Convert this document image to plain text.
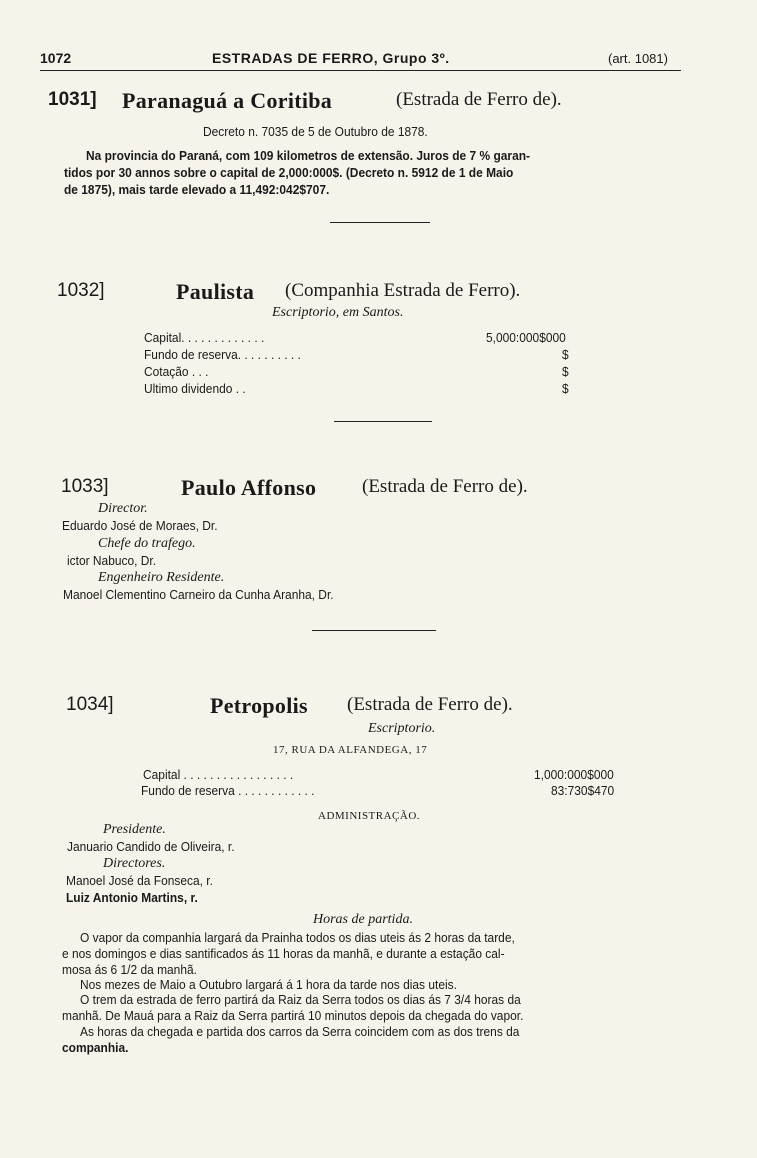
1072	ESTRADAS DE FERRO, Grupo 3º.	(art. 1081)
1031] Paranaguá a Coritiba	(Estrada de Ferro de).
Decreto n. 7035 de 5 de Outubro de 1878.
Na provincia do Paraná, com 109 kilometros de extensão. Juros de 7 % garan-
tidos por 30 annos sobre o capital de 2,000:000$. (Decreto n. 5912 de 1 de Maio
de 1875), mais tarde elevado a 11,492:042$707.
1032]	Paulista (Companhia Estrada de Ferro).
Escriptorio, em Santos.
Capital. . . . . . . . . . . . .	5,000:000$000
Fundo de reserva. . . . . . . . . .	$
Cotação . . .	$
Ultimo dividendo . .	$
1033]	Paulo Affonso (Estrada de Ferro de).
Director.
Eduardo José de Moraes, Dr.
Chefe do trafego.
ictor Nabuco, Dr.
Engenheiro Residente.
Manoel Clementino Carneiro da Cunha Aranha, Dr.
1034]	Petropolis (Estrada de Ferro de).
Escriptorio.
17, RUA DA ALFANDEGA, 17
Capital . . . . . . . . . . . . . . . . .	1,000:000$000
Fundo de reserva . . . . . . . . . . . .	83:730$470
ADMINISTRAÇÃO.
Presidente.
Januario Candido de Oliveira, r.
Directores.
Manoel José da Fonseca, r.
Luiz Antonio Martins, r.
Horas de partida.
O vapor da companhia largará da Prainha todos os dias uteis ás 2 horas da tarde,
e nos domingos e dias santificados ás 11 horas da manhã, e durante a estação cal-
mosa ás 6 1/2 da manhã.
Nos mezes de Maio a Outubro largará á 1 hora da tarde nos dias uteis.
O trem da estrada de ferro partirá da Raiz da Serra todos os dias ás 7 3/4 horas da
manhã. De Mauá para a Raiz da Serra partirá 10 minutos depois da chegada do vapor.
As horas da chegada e partida dos carros da Serra coincidem com as dos trens da
companhia.
